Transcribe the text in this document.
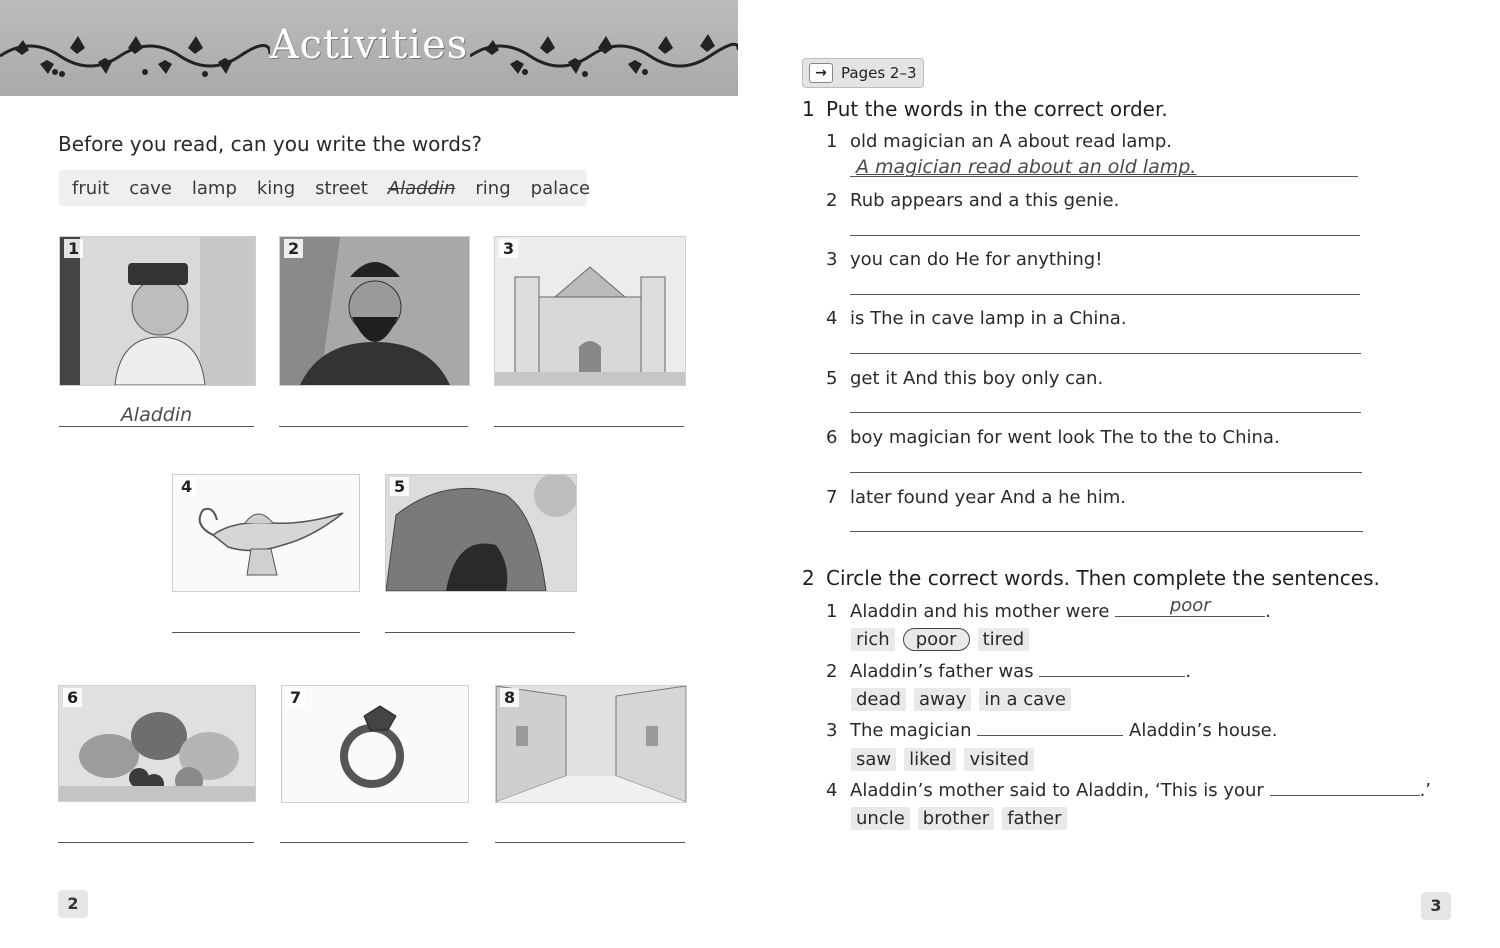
Activities
Before you read, can you write the words?
fruit cave lamp king street Aladdin ring palace
1
Aladdin
2	3
4	5
6	7	8
2
→ Pages 2–3
1 Put the words in the correct order.
1 old magician an A about read lamp.
A magician read about an old lamp.
2 Rub appears and a this genie.
3 you can do He for anything!
4 is The in cave lamp in a China.
5 get it And this boy only can.
6 boy magician for went look The to the to China.
7 later found year And a he him.
2 Circle the correct words. Then complete the sentences.
1 Aladdin and his mother were	poor	.
rich	poor	tired
2 Aladdin’s father was	.
dead away in a cave
3 The magician	Aladdin’s house.
saw liked visited
4 Aladdin’s mother said to Aladdin, ‘This is your	.’
uncle brother father
3
